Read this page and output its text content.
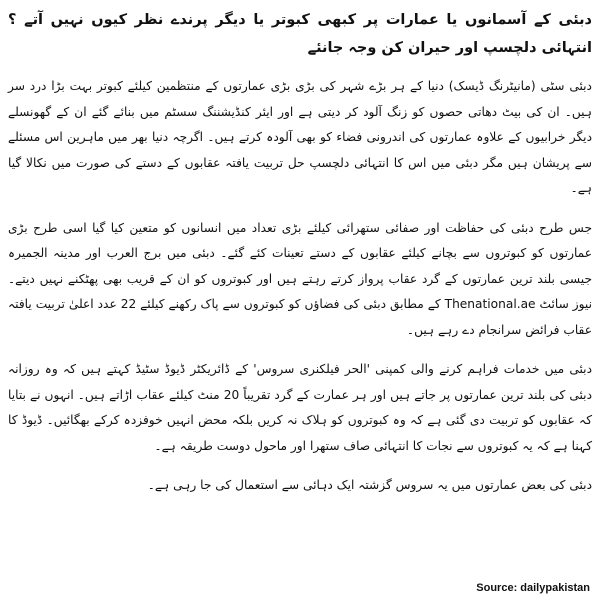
دبئی کے آسمانوں یا عمارات پر کبھی کبوتر یا دیگر پرندے نظر کیوں نہیں آتے ؟ انتہائی دلچسپ اور حیران کن وجہ جانئے

دبئی سٹی (مانیٹرنگ ڈیسک) دنیا کے ہر بڑے شہر کی بڑی بڑی عمارتوں کے منتظمین کیلئے کبوتر بہت بڑا درد سر ہیں۔ ان کی بیٹ دھاتی حصوں کو زنگ آلود کر دیتی ہے اور ایئر کنڈیشننگ سسٹم میں بنائے گئے ان کے گھونسلے دیگر خرابیوں کے علاوہ عمارتوں کی اندرونی فضاء کو بھی آلودہ کرتے ہیں۔ اگرچہ دنیا بھر میں ماہرین اس مسئلے سے پریشان ہیں مگر دبئی میں اس کا انتہائی دلچسپ حل تربیت یافتہ عقابوں کے دستے کی صورت میں نکالا گیا ہے۔

جس طرح دبئی کی حفاظت اور صفائی ستھرائی کیلئے بڑی تعداد میں انسانوں کو متعین کیا گیا اسی طرح بڑی عمارتوں کو کبوتروں سے بچانے کیلئے عقابوں کے دستے تعینات کئے گئے۔ دبئی میں برج العرب اور مدینہ الجمیرہ جیسی بلند ترین عمارتوں کے گرد عقاب پرواز کرتے رہتے ہیں اور کبوتروں کو ان کے قریب بھی پھٹکنے نہیں دیتے۔ نیوز سائٹ Thenational.ae کے مطابق دبئی کی فضاؤں کو کبوتروں سے پاک رکھنے کیلئے 22 عدد اعلیٰ تربیت یافتہ عقاب فرائض سرانجام دے رہے ہیں۔

دبئی میں خدمات فراہم کرنے والی کمپنی 'الحر فیلکنری سروس' کے ڈائریکٹر ڈیوڈ سٹیڈ کہتے ہیں کہ وہ روزانہ دبئی کی بلند ترین عمارتوں پر جاتے ہیں اور ہر عمارت کے گرد تقریباً 20 منٹ کیلئے عقاب اڑاتے ہیں۔ انہوں نے بتایا کہ عقابوں کو تربیت دی گئی ہے کہ وہ کبوتروں کو ہلاک نہ کریں بلکہ محض انہیں خوفزدہ کرکے بھگائیں۔ ڈیوڈ کا کہنا ہے کہ یہ کبوتروں سے نجات کا انتہائی صاف ستھرا اور ماحول دوست طریقہ ہے۔

دبئی کی بعض عمارتوں میں یہ سروس گزشتہ ایک دہائی سے استعمال کی جا رہی ہے۔

Source: dailypakistan
